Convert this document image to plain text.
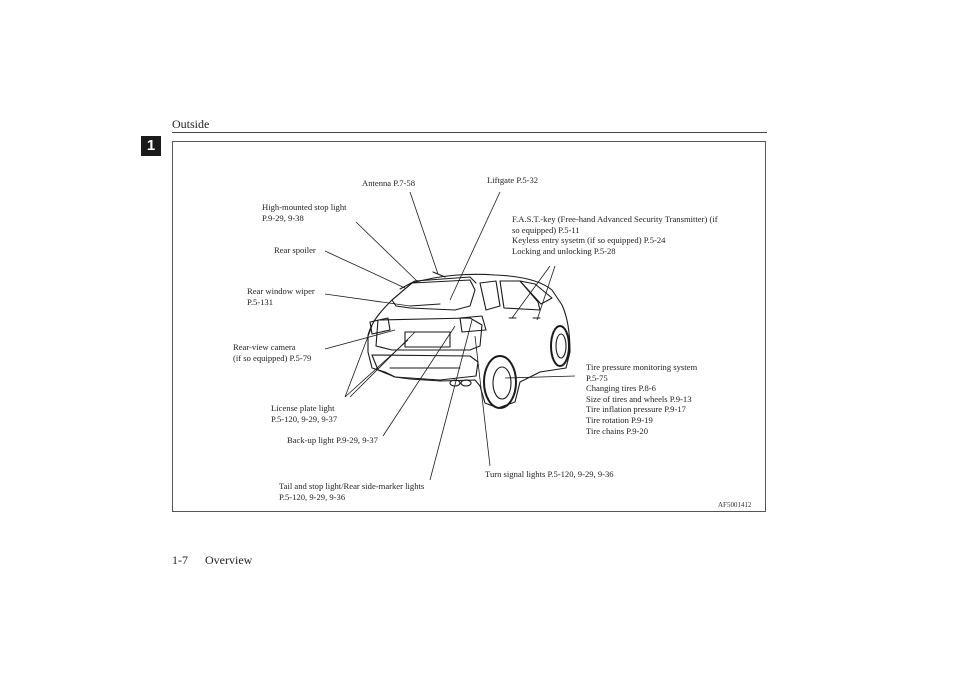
Outside
1
Antenna P.7-58	Liftgate P.5-32
High-mounted stop light
P.9-29, 9-38	F.A.S.T.-key (Free-hand Advanced Security Transmitter) (if
so equipped) P.5-11
Keyless entry sysetm (if so equipped) P.5-24
Locking and unlocking P.5-28
Rear spoiler
Rear window wiper
P.5-131
Rear-view camera
(if so equipped) P.5-79
Tire pressure monitoring system
P.5-75
Changing tires P.8-6
Size of tires and wheels P.9-13
Tire inflation pressure P.9-17
Tire rotation P.9-19
Tire chains P.9-20
License plate light
P.5-120, 9-29, 9-37
Back-up light P.9-29, 9-37
Turn signal lights P.5-120, 9-29, 9-36
Tail and stop light/Rear side-marker lights
P.5-120, 9-29, 9-36
AF5001412
1-7 Overview
